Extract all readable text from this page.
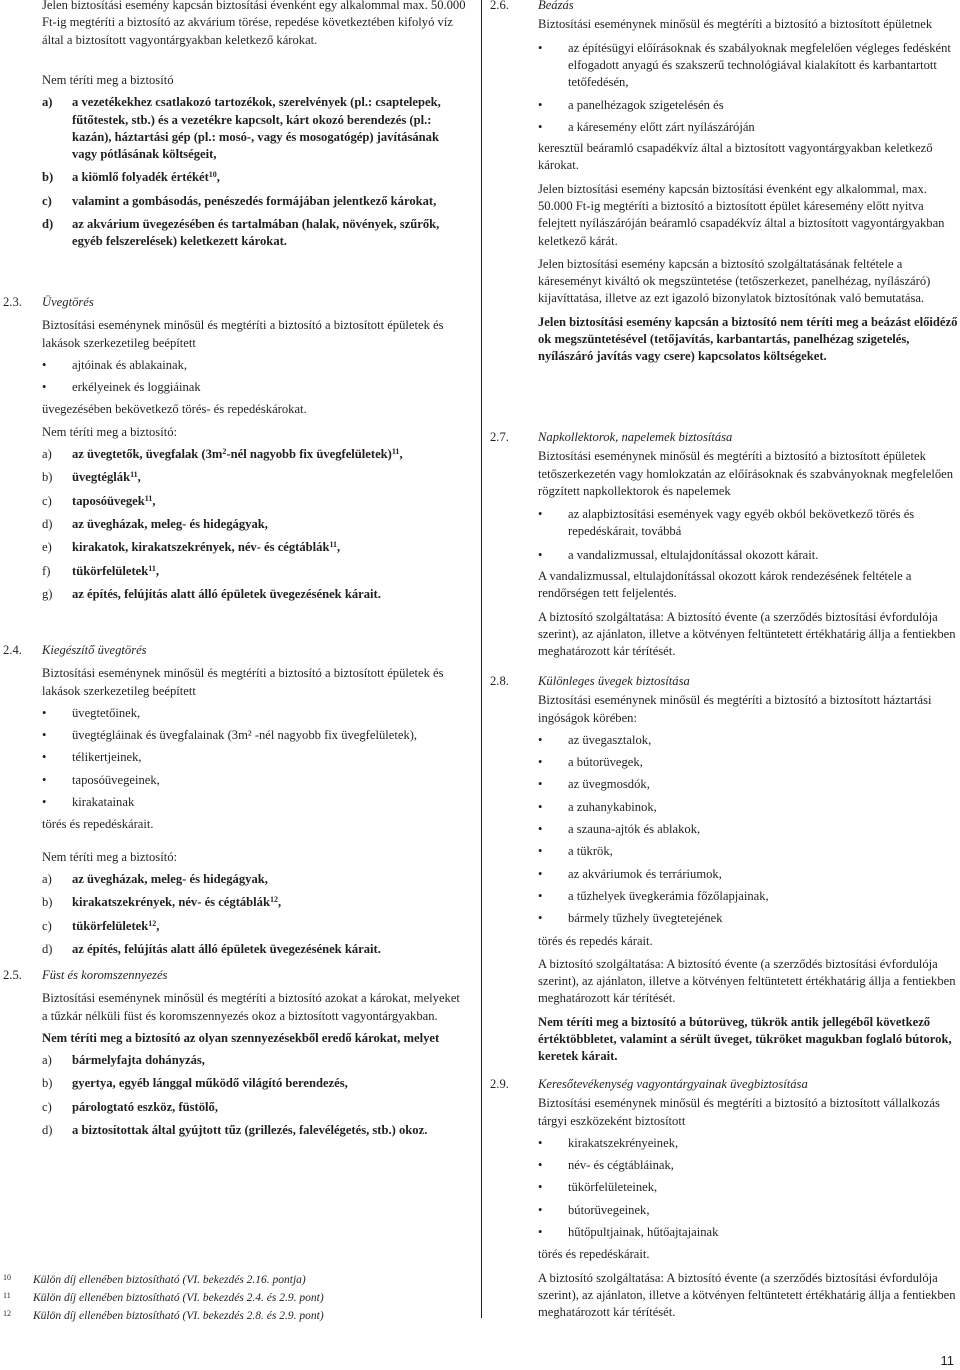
Jelen biztosítási esemény kapcsán biztosítási évenként egy alkalommal max. 50.000 Ft-ig megtéríti a biztosító az akvárium törése, repedése következtében kifolyó víz által a biztosított vagyontárgyakban keletkező károkat.

Nem téríti meg a biztosító

a) a vezetékekhez csatlakozó tartozékok, szerelvények (pl.: csaptelepek, fűtőtestek, stb.) és a vezetékre kapcsolt, kárt okozó berendezés (pl.: kazán), háztartási gép (pl.: mosó-, vagy és mosogatógép) javításának vagy pótlásának költségeit,
b) a kiömlő folyadék értékét$^{10}$,
c) valamint a gombásodás, penészedés formájában jelentkező károkat,
d) az akvárium üvegezésében és tartalmában (halak, növények, szűrők, egyéb felszerelések) keletkezett károkat.
2.3. Üvegtörés

Biztosítási eseménynek minősül és megtéríti a biztosító a biztosított épületek és lakások szerkezetileg beépített

• ajtóinak és ablakainak,

• erkélyeinek és loggiáinak

üvegezésében bekövetkező törés- és repedéskárokat.

Nem téríti meg a biztosító:

a) az üvegtetők, üvegfalak ($3m^2$-nél nagyobb fix üvegfelületek)$^{11}$,
b) üvegtéglák$^{11}$,
c) taposóüvegek$^{11}$,
d) az üvegházak, meleg- és hidegágyak,
e) kirakatok, kirakatszekrények, név- és cégtáblák$^{11}$,
f) tükörfelületek$^{11}$,
g) az építés, felújítás alatt álló épületek üvegezésének kárait.
2.4. Kiegészítő üvegtörés

Biztosítási eseménynek minősül és megtéríti a biztosító a biztosított épületek és lakások szerkezetileg beépített

• üvegtetőinek,

• üvegtégláinak és üvegfalainak (3m² -nél nagyobb fix üvegfelületek),

• télikertjeinek,

• taposóüvegeinek,

• kirakatainak

törés és repedéskárait.

Nem téríti meg a biztosító:

a) az üvegházak, meleg- és hidegágyak,
b) kirakatszekrények, név- és cégtáblák$^{12}$,
c) tükörfelületek$^{12}$,
d) az építés, felújítás alatt álló épületek üvegezésének kárait.
2.5. Füst és koromszennyezés

Biztosítási eseménynek minősül és megtéríti a biztosító azokat a károkat, melyeket a tűzkár nélküli füst és koromszennyezés okoz a biztosított vagyontárgyakban.

Nem téríti meg a biztosító az olyan szennyezésekből eredő károkat, melyet

a) bármelyfajta dohányzás,
b) gyertya, egyéb lánggal működő világító berendezés,
c) párologtató eszköz, füstölő,
d) a biztosítottak által gyújtott tűz (grillezés, falevélégetés, stb.) okoz.
10 Külön díj ellenében biztosítható (VI. bekezdés 2.16. pontja)
11 Külön díj ellenében biztosítható (VI. bekezdés 2.4. és 2.9. pont)
12 Külön díj ellenében biztosítható (VI. bekezdés 2.8. és 2.9. pont)
2.6. Beázás

Biztosítási eseménynek minősül és megtéríti a biztosító a biztosított épületnek

• az építésügyi előírásoknak és szabályoknak megfelelően végleges fedésként elfogadott anyagú és szakszerű technológiával kialakított és karbantartott tetőfedésén,

• a panelhézagok szigetelésén és

• a káresemény előtt zárt nyílászáróján

keresztül beáramló csapadékvíz által a biztosított vagyontárgyakban keletkező károkat.

Jelen biztosítási esemény kapcsán biztosítási évenként egy alkalommal, max. 50.000 Ft-ig megtéríti a biztosító a biztosított épület káresemény előtt nyitva felejtett nyílászáróján beáramló csapadékvíz által a biztosított vagyontárgyakban keletkező kárát.

Jelen biztosítási esemény kapcsán a biztosító szolgáltatásának feltétele a káreseményt kiváltó ok megszüntetése (tetőszerkezet, panelhézag, nyílászáró) kijavíttatása, illetve az ezt igazoló bizonylatok biztosítónak való bemutatása.

Jelen biztosítási esemény kapcsán a biztosító nem téríti meg a beázást előidéző ok megszüntetésével (tetőjavítás, karbantartás, panelhézag szigetelés, nyílászáró javítás vagy csere) kapcsolatos költségeket.

2.7. Napkollektorok, napelemek biztosítása

Biztosítási eseménynek minősül és megtéríti a biztosító a biztosított épületek tetőszerkezetén vagy homlokzatán az előírásoknak és szabványoknak megfelelően rögzített napkollektorok és napelemek

• az alapbiztosítási események vagy egyéb okból bekövetkező törés és repedéskárait, továbbá

• a vandalizmussal, eltulajdonítással okozott kárait.

A vandalizmussal, eltulajdonítással okozott károk rendezésének feltétele a rendőrségen tett feljelentés.

A biztosító szolgáltatása: A biztosító évente (a szerződés biztosítási évfordulója szerint), az ajánlaton, illetve a kötvényen feltüntetett értékhatárig állja a fentiekben meghatározott kár térítését.

2.8. Különleges üvegek biztosítása

Biztosítási eseménynek minősül és megtéríti a biztosító a biztosított háztartási ingóságok körében:

• az üvegasztalok,

• a bútorüvegek,

• az üvegmosdók,

• a zuhanykabinok,

• a szauna-ajtók és ablakok,

• a tükrök,

• az akváriumok és terráriumok,

• a tűzhelyek üvegkerámia főzőlapjainak,

• bármely tűzhely üvegtetejének

törés és repedés kárait.

A biztosító szolgáltatása: A biztosító évente (a szerződés biztosítási évfordulója szerint), az ajánlaton, illetve a kötvényen feltüntetett értékhatárig állja a fentiekben meghatározott kár térítését.

Nem téríti meg a biztosító a bútorüveg, tükrök antik jellegéből következő értéktöbbletet, valamint a sérült üveget, tükröket magukban foglaló bútorok, keretek kárait.

2.9. Keresőtevékenység vagyontárgyainak üvegbiztosítása

Biztosítási eseménynek minősül és megtéríti a biztosító a biztosított vállalkozás tárgyi eszközeként biztosított

• kirakatszekrényeinek,

• név- és cégtábláinak,

• tükörfelületeinek,

• bútorüvegeinek,

• hűtőpultjainak, hűtőajtajainak

törés és repedéskárait.

A biztosító szolgáltatása: A biztosító évente (a szerződés biztosítási évfordulója szerint), az ajánlaton, illetve a kötvényen feltüntetett értékhatárig állja a fentiekben meghatározott kár térítését.

11
